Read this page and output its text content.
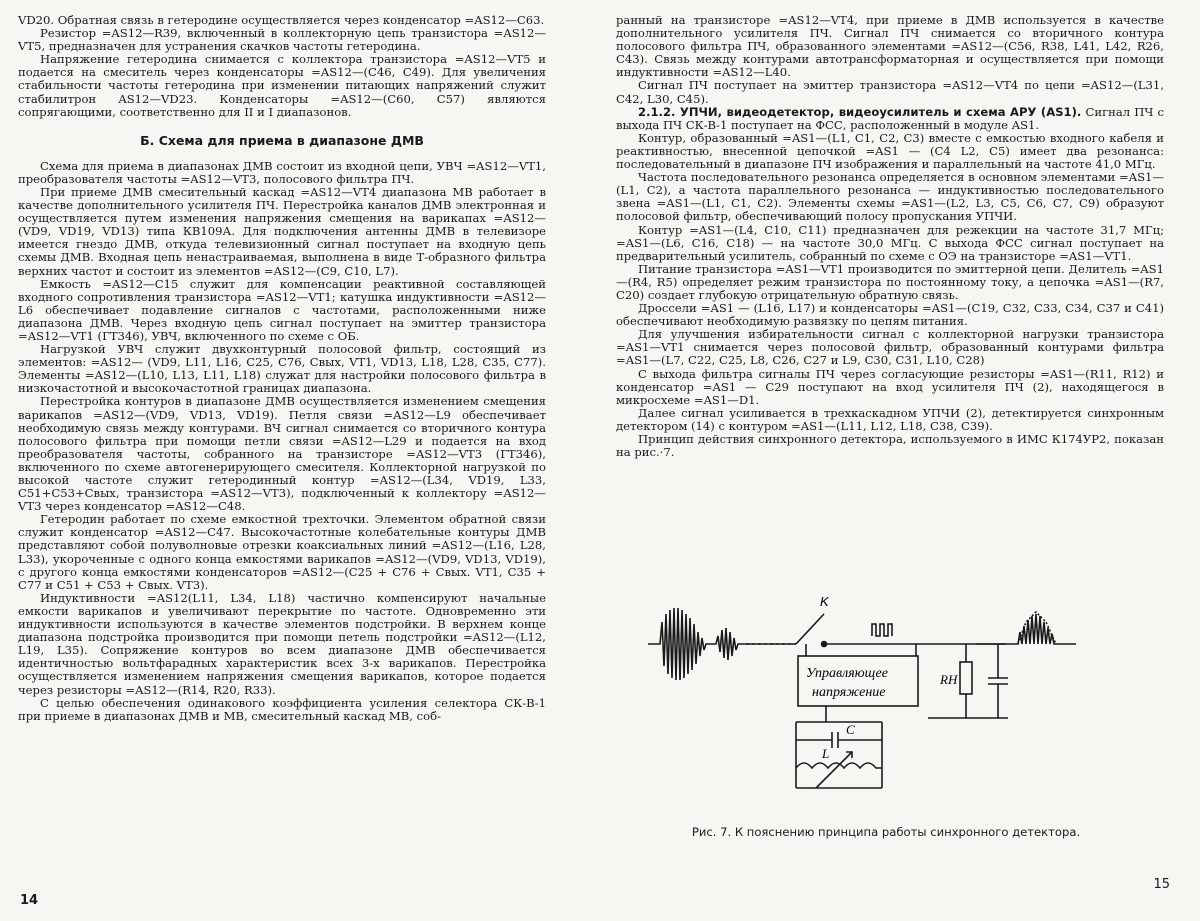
VD20. Обратная связь в гетеродине осуществляется через конденсатор =AS12—C63.

Резистор =AS12—R39, включенный в коллекторную цепь транзистора =AS12—VT5, предназначен для устранения скачков частоты гетеродина.

Напряжение гетеродина снимается с коллектора транзистора =AS12—VT5 и подается на смеситель через конденсаторы =AS12—(C46, C49). Для увеличения стабильности частоты гетеродина при изменении питающих напряжений служит стабилитрон AS12—VD23. Конденсаторы =AS12—(C60, C57) являются сопрягающими, соответственно для II и I диапазонов.

Б. Схема для приема в диапазоне ДМВ

Схема для приема в диапазонах ДМВ состоит из входной цепи, УВЧ =AS12—VT1, преобразователя частоты =AS12—VT3, полосового фильтра ПЧ.

При приеме ДМВ смесительный каскад =AS12—VT4 диапазона МВ работает в качестве дополнительного усилителя ПЧ. Перестройка каналов ДМВ электронная и осуществляется путем изменения напряжения смещения на варикапах =AS12—(VD9, VD19, VD13) типа КВ109А. Для подключения антенны ДМВ в телевизоре имеется гнездо ДМВ, откуда телевизионный сигнал поступает на входную цепь схемы ДМВ. Входная цепь ненастраиваемая, выполнена в виде Т-образного фильтра верхних частот и состоит из элементов =AS12—(C9, C10, L7).

Емкость =AS12—C15 служит для компенсации реактивной составляющей входного сопротивления транзистора =AS12—VT1; катушка индуктивности =AS12—L6 обеспечивает подавление сигналов с частотами, расположенными ниже диапазона ДМВ. Через входную цепь сигнал поступает на эмиттер транзистора =AS12—VT1 (ГТ346), УВЧ, включенного по схеме с ОБ.

Нагрузкой УВЧ служит двухконтурный полосовой фильтр, состоящий из элементов: =AS12— (VD9, L11, L16, C25, C76, Cвых, VT1, VD13, L18, L28, C35, C77). Элементы =AS12—(L10, L13, L11, L18) служат для настройки полосового фильтра в низкочастотной и высокочастотной границах диапазона.

Перестройка контуров в диапазоне ДМВ осуществляется изменением смещения варикапов =AS12—(VD9, VD13, VD19). Петля связи =AS12—L9 обеспечивает необходимую связь между контурами. ВЧ сигнал снимается со вторичного контура полосового фильтра при помощи петли связи =AS12—L29 и подается на вход преобразователя частоты, собранного на транзисторе =AS12—VT3 (ГТ346), включенного по схеме автогенерирующего смесителя. Коллекторной нагрузкой по высокой частоте служит гетеродинный контур =AS12—(L34, VD19, L33, C51+C53+Cвых, транзистора =AS12—VT3), подключенный к коллектору =AS12—VT3 через конденсатор =AS12—C48.

Гетеродин работает по схеме емкостной трехточки. Элементом обратной связи служит конденсатор =AS12—C47. Высокочастотные колебательные контуры ДМВ представляют собой полуволновые отрезки коаксиальных линий =AS12—(L16, L28, L33), укороченные с одного конца емкостями варикапов =AS12—(VD9, VD13, VD19), с другого конца емкостями конденсаторов =AS12—(C25 + C76 + Cвых. VT1, C35 + C77 и C51 + C53 + Cвых. VT3).

Индуктивности =AS12(L11, L34, L18) частично компенсируют начальные емкости варикапов и увеличивают перекрытие по частоте. Одновременно эти индуктивности используются в качестве элементов подстройки. В верхнем конце диапазона подстройка производится при помощи петель подстройки =AS12—(L12, L19, L35). Сопряжение контуров во всем диапазоне ДМВ обеспечивается идентичностью вольтфарадных характеристик всех 3-х варикапов. Перестройка осуществляется изменением напряжения смещения варикапов, которое подается через резисторы =AS12—(R14, R20, R33).

С целью обеспечения одинакового коэффициента усиления селектора СК-В-1 при приеме в диапазонах ДМВ и МВ, смесительный каскад МВ, соб-

14

ранный на транзисторе =AS12—VT4, при приеме в ДМВ используется в качестве дополнительного усилителя ПЧ. Сигнал ПЧ снимается со вторичного контура полосового фильтра ПЧ, образованного элементами =AS12—(C56, R38, L41, L42, R26, C43). Связь между контурами автотрансформаторная и осуществляется при помощи индуктивности =AS12—L40.

Сигнал ПЧ поступает на эмиттер транзистора =AS12—VT4 по цепи =AS12—(L31, C42, L30, C45).

2.1.2. УПЧИ, видеодетектор, видеоусилитель и схема АРУ (AS1). Сигнал ПЧ с выхода ПЧ СК-В-1 поступает на ФСС, расположенный в модуле AS1.

Контур, образованный =AS1—(L1, C1, C2, C3) вместе с емкостью входного кабеля и реактивностью, внесенной цепочкой =AS1 — (C4 L2, C5) имеет два резонанса: последовательный в диапазоне ПЧ изображения и параллельный на частоте 41,0 МГц.

Частота последовательного резонанса определяется в основном элементами =AS1—(L1, C2), а частота параллельного резонанса — индуктивностью последовательного звена =AS1—(L1, C1, C2). Элементы схемы =AS1—(L2, L3, C5, C6, C7, C9) образуют полосовой фильтр, обеспечивающий полосу пропускания УПЧИ.

Контур =AS1—(L4, C10, C11) предназначен для режекции на частоте 31,7 МГц; =AS1—(L6, C16, C18) — на частоте 30,0 МГц. С выхода ФСС сигнал поступает на предварительный усилитель, собранный по схеме с ОЭ на транзисторе =AS1—VT1.

Питание транзистора =AS1—VT1 производится по эмиттерной цепи. Делитель =AS1—(R4, R5) определяет режим транзистора по постоянному току, а цепочка =AS1—(R7, C20) создает глубокую отрицательную обратную связь.

Дроссели =AS1 — (L16, L17) и конденсаторы =AS1—(C19, C32, C33, C34, C37 и C41) обеспечивают необходимую развязку по цепям питания.

Для улучшения избирательности сигнал с коллекторной нагрузки транзистора =AS1—VT1 снимается через полосовой фильтр, образованный контурами фильтра =AS1—(L7, C22, C25, L8, C26, C27 и L9, C30, C31, L10, C28)

С выхода фильтра сигналы ПЧ через согласующие резисторы =AS1—(R11, R12) и конденсатор =AS1 — C29 поступают на вход усилителя ПЧ (2), находящегося в микросхеме =AS1—D1.

Далее сигнал усиливается в трехкаскадном УПЧИ (2), детектируется синхронным детектором (14) с контуром =AS1—(L11, L12, L18, C38, C39).

Принцип действия синхронного детектора, используемого в ИМС К174УР2, показан на рис.·7.

K
Управляющее
напряжение
RН
C
L
Рис. 7. К пояснению принципа работы синхронного детектора.
15
